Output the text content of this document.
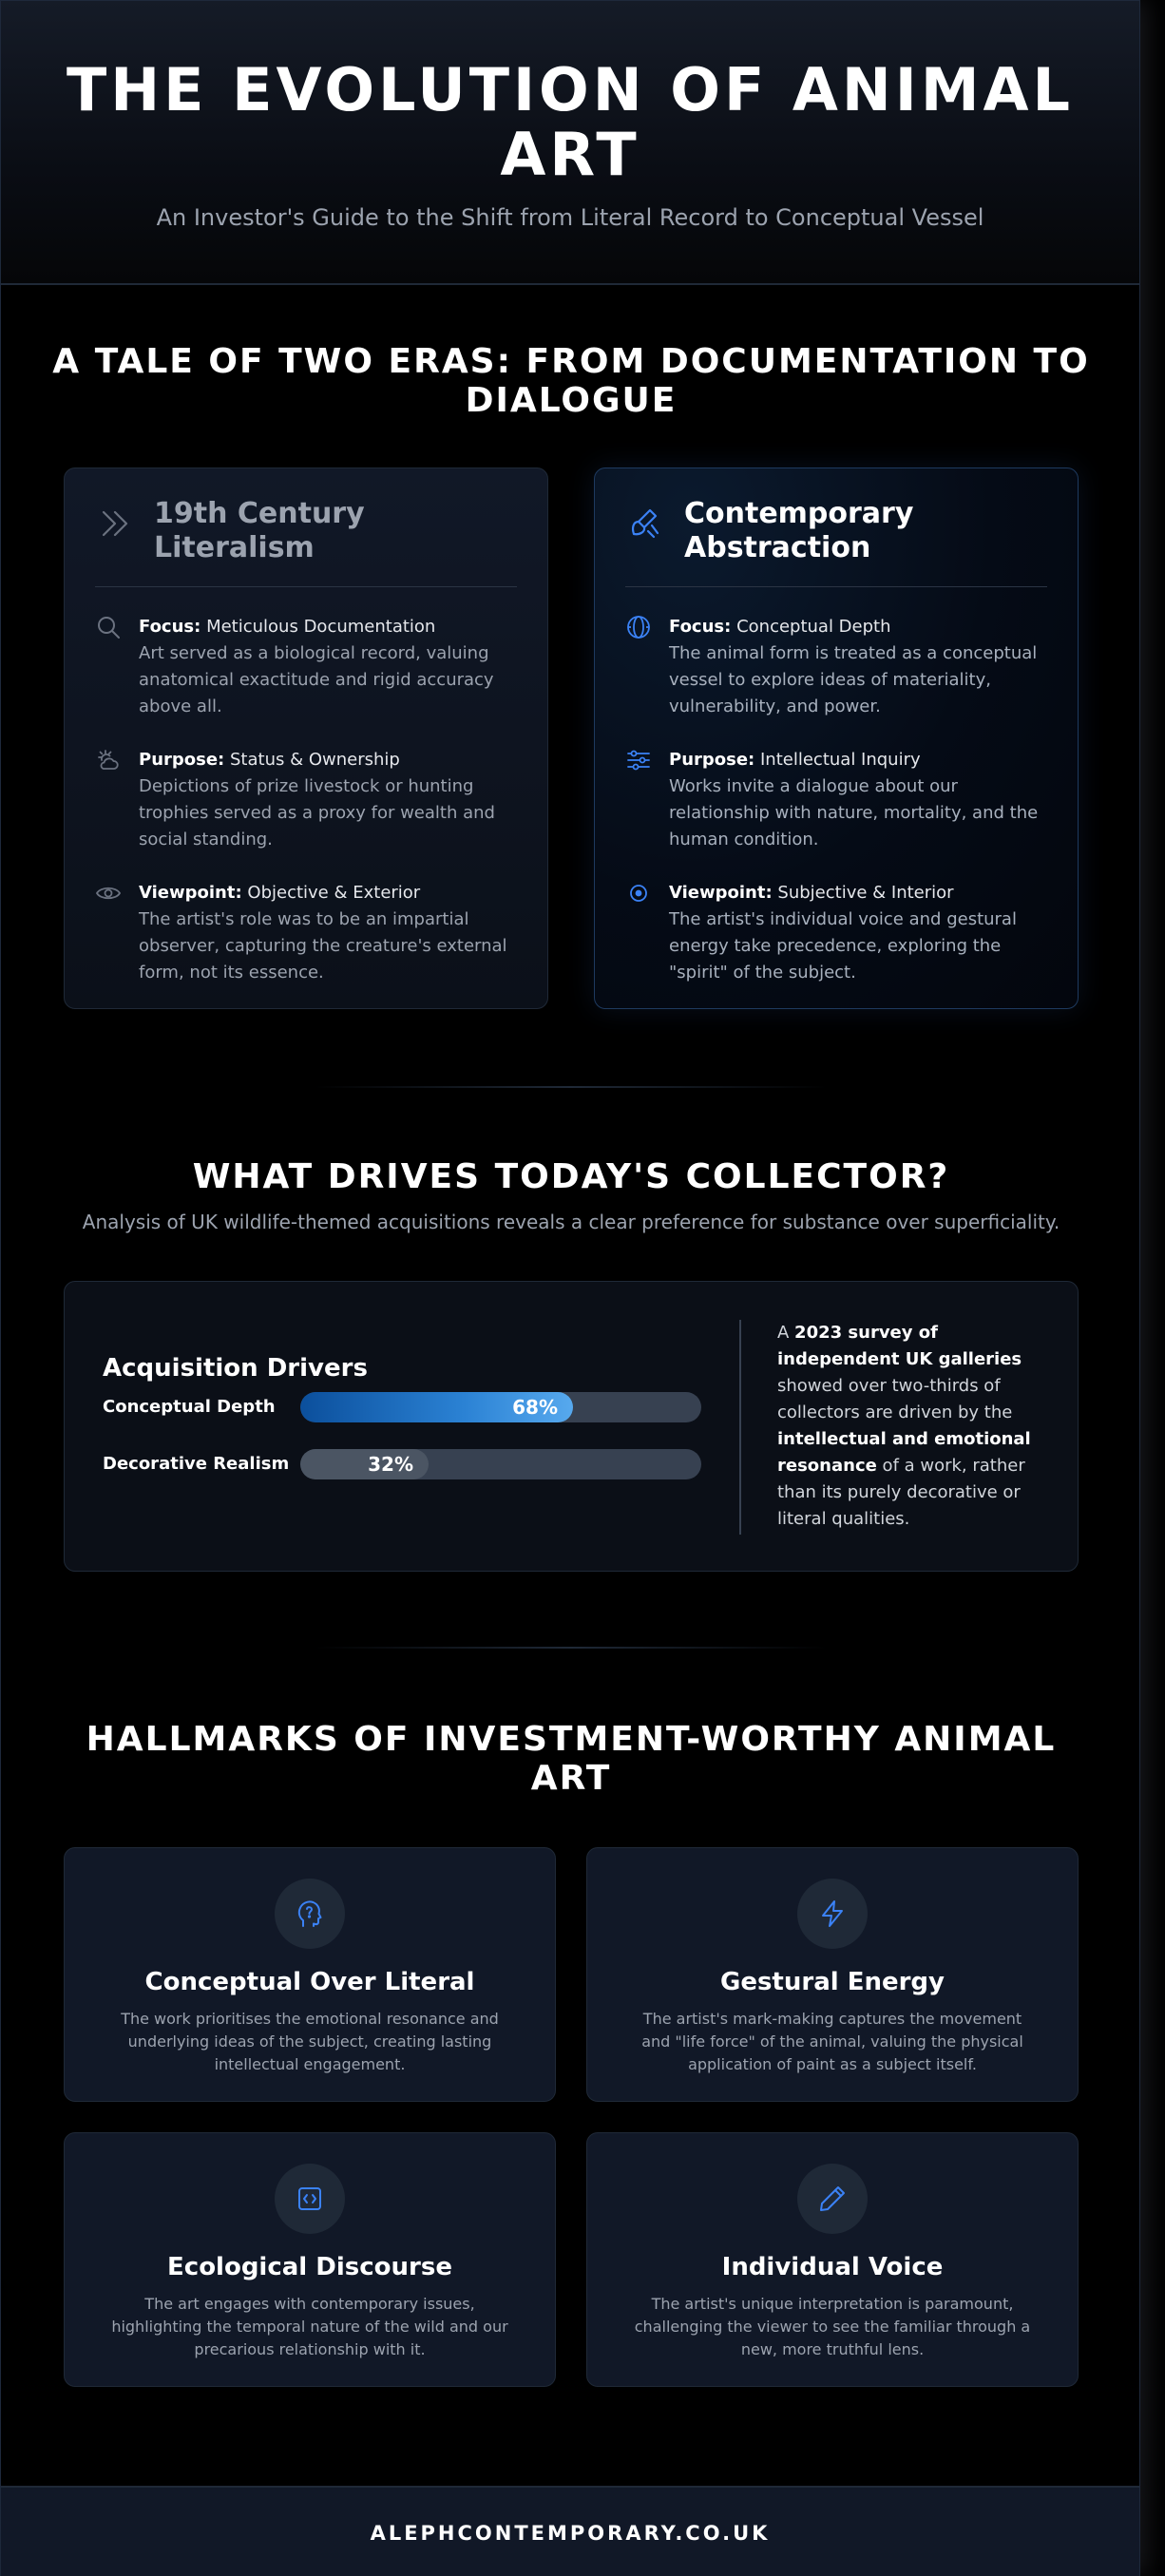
THE EVOLUTION OF ANIMAL ART

An Investor's Guide to the Shift from Literal Record to Conceptual Vessel

A TALE OF TWO ERAS: FROM DOCUMENTATION TO DIALOGUE
19th Century Literalism
Focus: Meticulous Documentation
Art served as a biological record, valuing anatomical exactitude and rigid accuracy above all.
Purpose: Status & Ownership
Depictions of prize livestock or hunting trophies served as a proxy for wealth and social standing.
Viewpoint: Objective & Exterior
The artist's role was to be an impartial observer, capturing the creature's external form, not its essence.
Contemporary Abstraction
Focus: Conceptual Depth
The animal form is treated as a conceptual vessel to explore ideas of materiality, vulnerability, and power.
Purpose: Intellectual Inquiry
Works invite a dialogue about our relationship with nature, mortality, and the human condition.
Viewpoint: Subjective & Interior
The artist's individual voice and gestural energy take precedence, exploring the "spirit" of the subject.
WHAT DRIVES TODAY'S COLLECTOR?

Analysis of UK wildlife-themed acquisitions reveals a clear preference for substance over superficiality.

Acquisition Drivers
Conceptual Depth	68%
Decorative Realism	32%

A 2023 survey of independent UK galleries showed over two-thirds of collectors are driven by the intellectual and emotional resonance of a work, rather than its purely decorative or literal qualities.

HALLMARKS OF INVESTMENT-WORTHY ANIMAL ART
Conceptual Over Literal

The work prioritises the emotional resonance and underlying ideas of the subject, creating lasting intellectual engagement.

Gestural Energy

The artist's mark-making captures the movement and "life force" of the animal, valuing the physical application of paint as a subject itself.

Ecological Discourse

The art engages with contemporary issues, highlighting the temporal nature of the wild and our precarious relationship with it.

Individual Voice

The artist's unique interpretation is paramount, challenging the viewer to see the familiar through a new, more truthful lens.

ALEPHCONTEMPORARY.CO.UK
